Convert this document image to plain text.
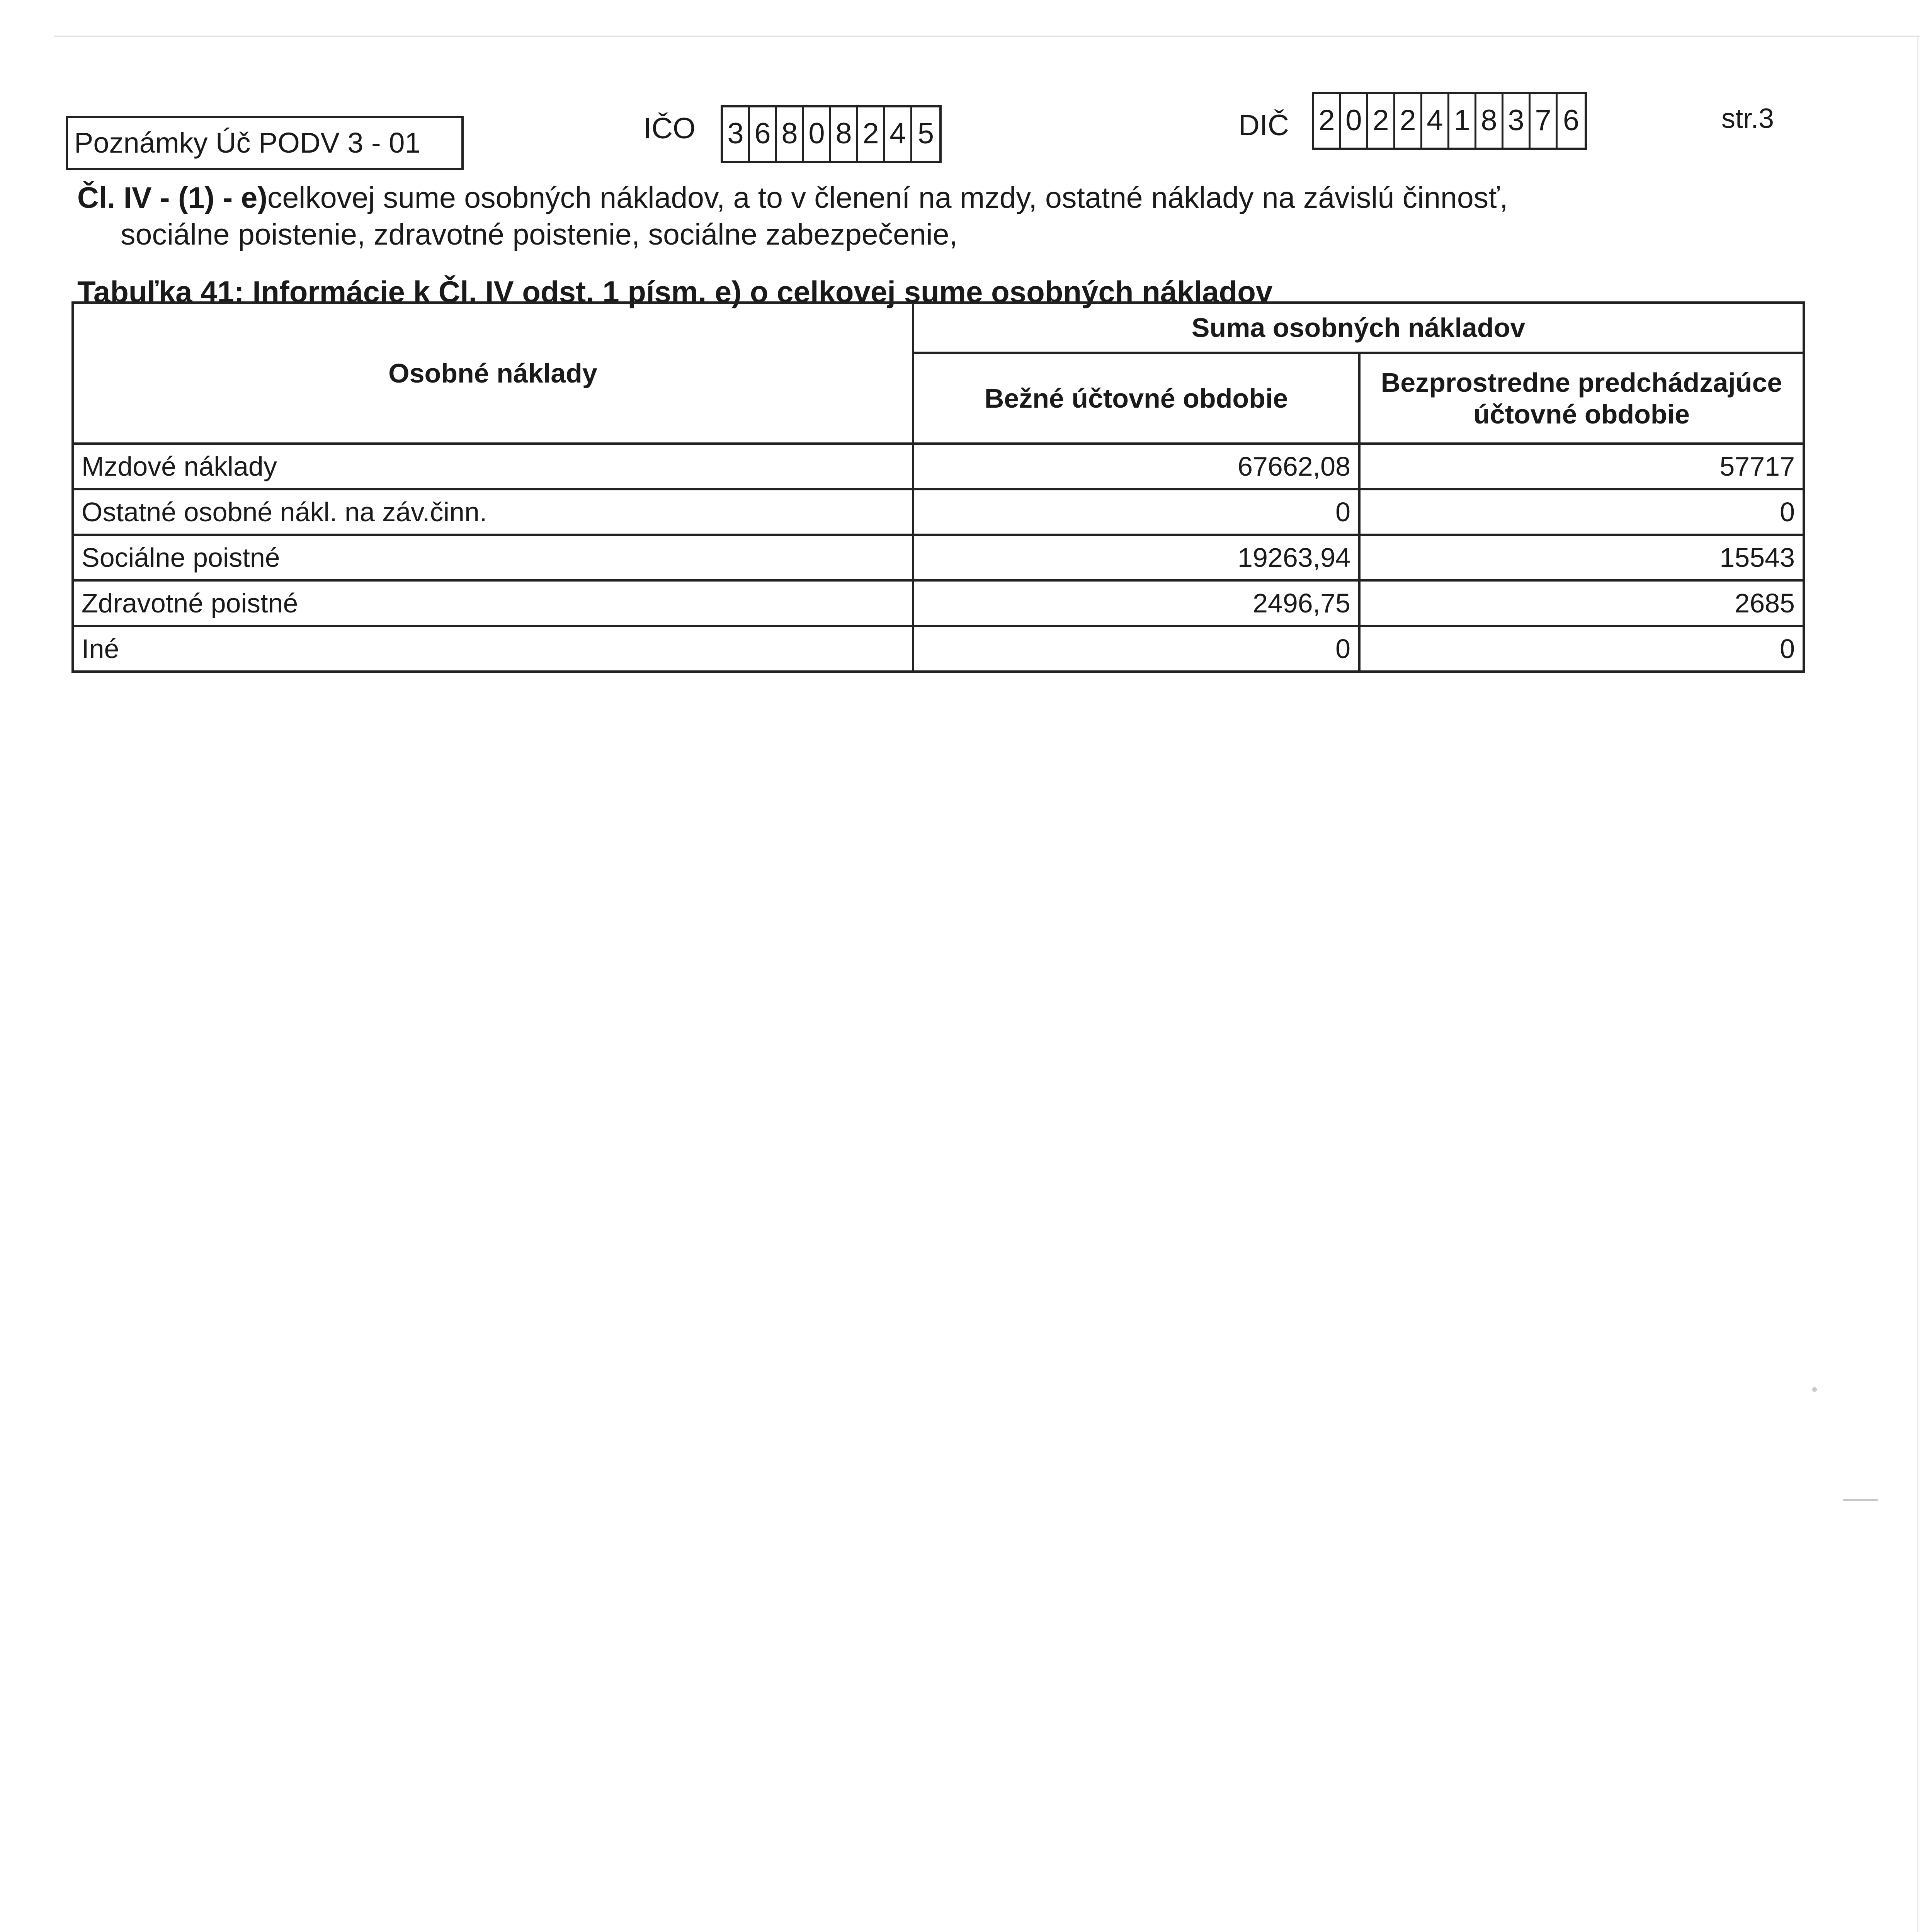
Poznámky Úč PODV 3 - 01	IČO 3 6 8 0 8 2 4 5	DIČ 2 0 2 2 4 1 8 3 7 6	str.3
Čl. IV - (1) - e)celkovej sume osobných nákladov, a to v členení na mzdy, ostatné náklady na závislú činnosť,
sociálne poistenie, zdravotné poistenie, sociálne zabezpečenie,
Tabuľka 41: Informácie k Čl. IV odst. 1 písm. e) o celkovej sume osobných nákladov
Osobné náklady	Suma osobných nákladov	
	Bežné účtovné obdobie	Bezprostredne predchádzajúce účtovné obdobie
Mzdové náklady	67662,08	57717
Ostatné osobné nákl. na záv.činn.	0	0
Sociálne poistné	19263,94	15543
Zdravotné poistné	2496,75	2685
Iné	0	0
